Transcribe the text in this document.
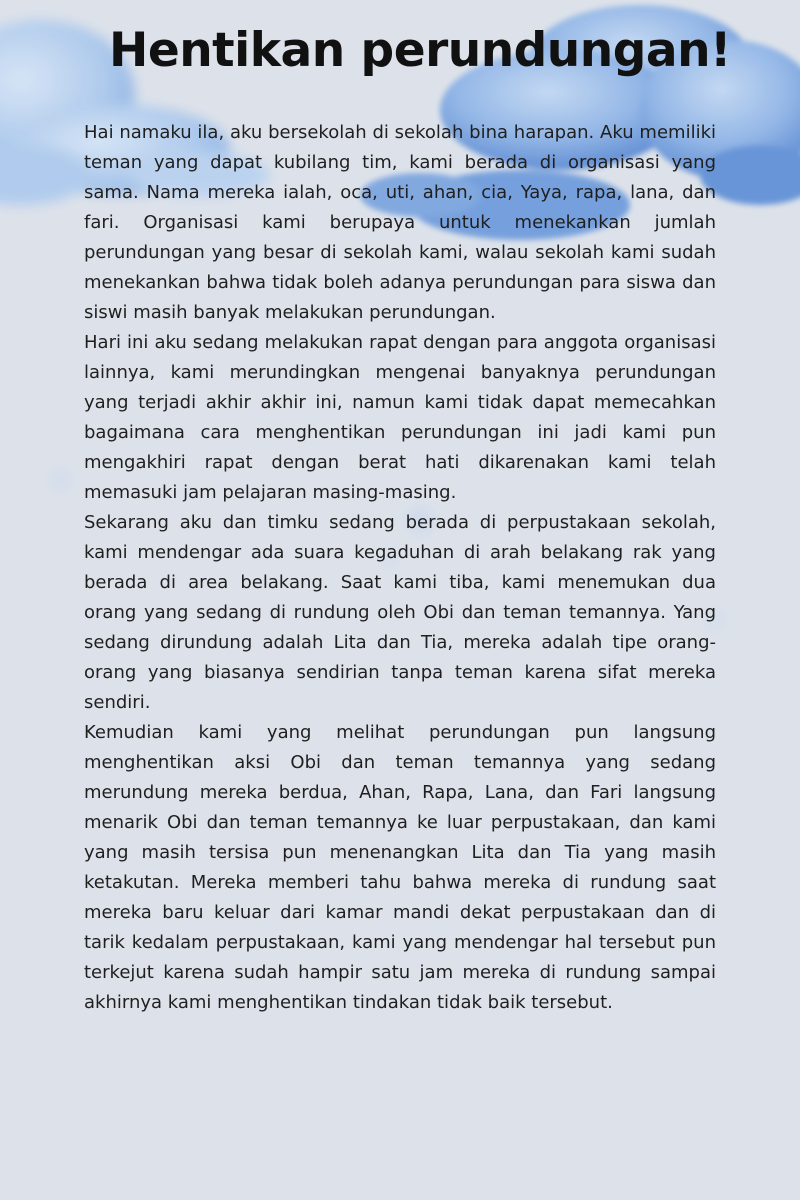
Hentikan perundungan!

Hai namaku ila, aku bersekolah di sekolah bina harapan. Aku memiliki teman yang dapat kubilang tim, kami berada di organisasi yang sama. Nama mereka ialah, oca, uti, ahan, cia, Yaya, rapa, lana, dan fari. Organisasi kami berupaya untuk menekankan jumlah perundungan yang besar di sekolah kami, walau sekolah kami sudah menekankan bahwa tidak boleh adanya perundungan para siswa dan siswi masih banyak melakukan perundungan.

Hari ini aku sedang melakukan rapat dengan para anggota organisasi lainnya, kami merundingkan mengenai banyaknya perundungan yang terjadi akhir akhir ini, namun kami tidak dapat memecahkan bagaimana cara menghentikan perundungan ini jadi kami pun mengakhiri rapat dengan berat hati dikarenakan kami telah memasuki jam pelajaran masing-masing.

Sekarang aku dan timku sedang berada di perpustakaan sekolah, kami mendengar ada suara kegaduhan di arah belakang rak yang berada di area belakang. Saat kami tiba, kami menemukan dua orang yang sedang di rundung oleh Obi dan teman temannya. Yang sedang dirundung adalah Lita dan Tia, mereka adalah tipe orang-orang yang biasanya sendirian tanpa teman karena sifat mereka sendiri.

Kemudian kami yang melihat perundungan pun langsung menghentikan aksi Obi dan teman temannya yang sedang merundung mereka berdua, Ahan, Rapa, Lana, dan Fari langsung menarik Obi dan teman temannya ke luar perpustakaan, dan kami yang masih tersisa pun menenangkan Lita dan Tia yang masih ketakutan. Mereka memberi tahu bahwa mereka di rundung saat mereka baru keluar dari kamar mandi dekat perpustakaan dan di tarik kedalam perpustakaan, kami yang mendengar hal tersebut pun terkejut karena sudah hampir satu jam mereka di rundung sampai akhirnya kami menghentikan tindakan tidak baik tersebut.
